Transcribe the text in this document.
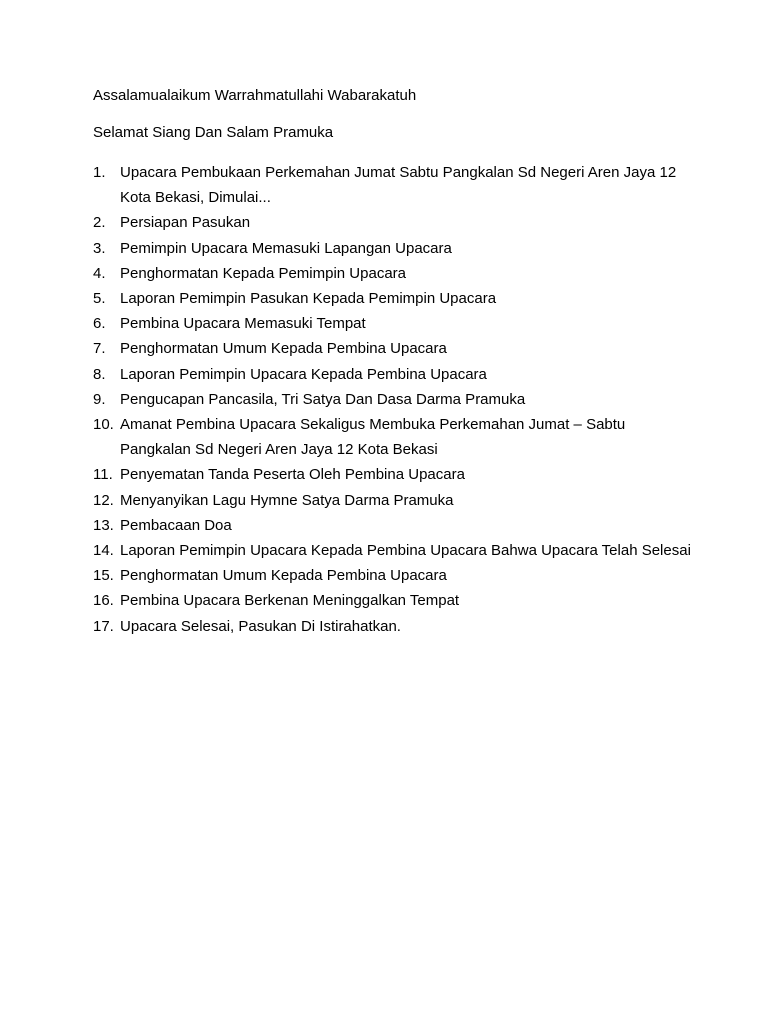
Assalamualaikum Warrahmatullahi Wabarakatuh

Selamat Siang Dan Salam Pramuka

1. Upacara Pembukaan Perkemahan Jumat Sabtu Pangkalan Sd Negeri Aren Jaya 12 Kota Bekasi, Dimulai...
2. Persiapan Pasukan
3. Pemimpin Upacara Memasuki Lapangan Upacara
4. Penghormatan Kepada Pemimpin Upacara
5. Laporan Pemimpin Pasukan Kepada Pemimpin Upacara
6. Pembina Upacara Memasuki Tempat
7. Penghormatan Umum Kepada Pembina Upacara
8. Laporan Pemimpin Upacara Kepada Pembina Upacara
9. Pengucapan Pancasila, Tri Satya Dan Dasa Darma Pramuka
10. Amanat Pembina Upacara Sekaligus Membuka Perkemahan Jumat – Sabtu Pangkalan Sd Negeri Aren Jaya 12 Kota Bekasi
11. Penyematan Tanda Peserta Oleh Pembina Upacara
12. Menyanyikan Lagu Hymne Satya Darma Pramuka
13. Pembacaan Doa
14. Laporan Pemimpin Upacara Kepada Pembina Upacara Bahwa Upacara Telah Selesai
15. Penghormatan Umum Kepada Pembina Upacara
16. Pembina Upacara Berkenan Meninggalkan Tempat
17. Upacara Selesai, Pasukan Di Istirahatkan.
